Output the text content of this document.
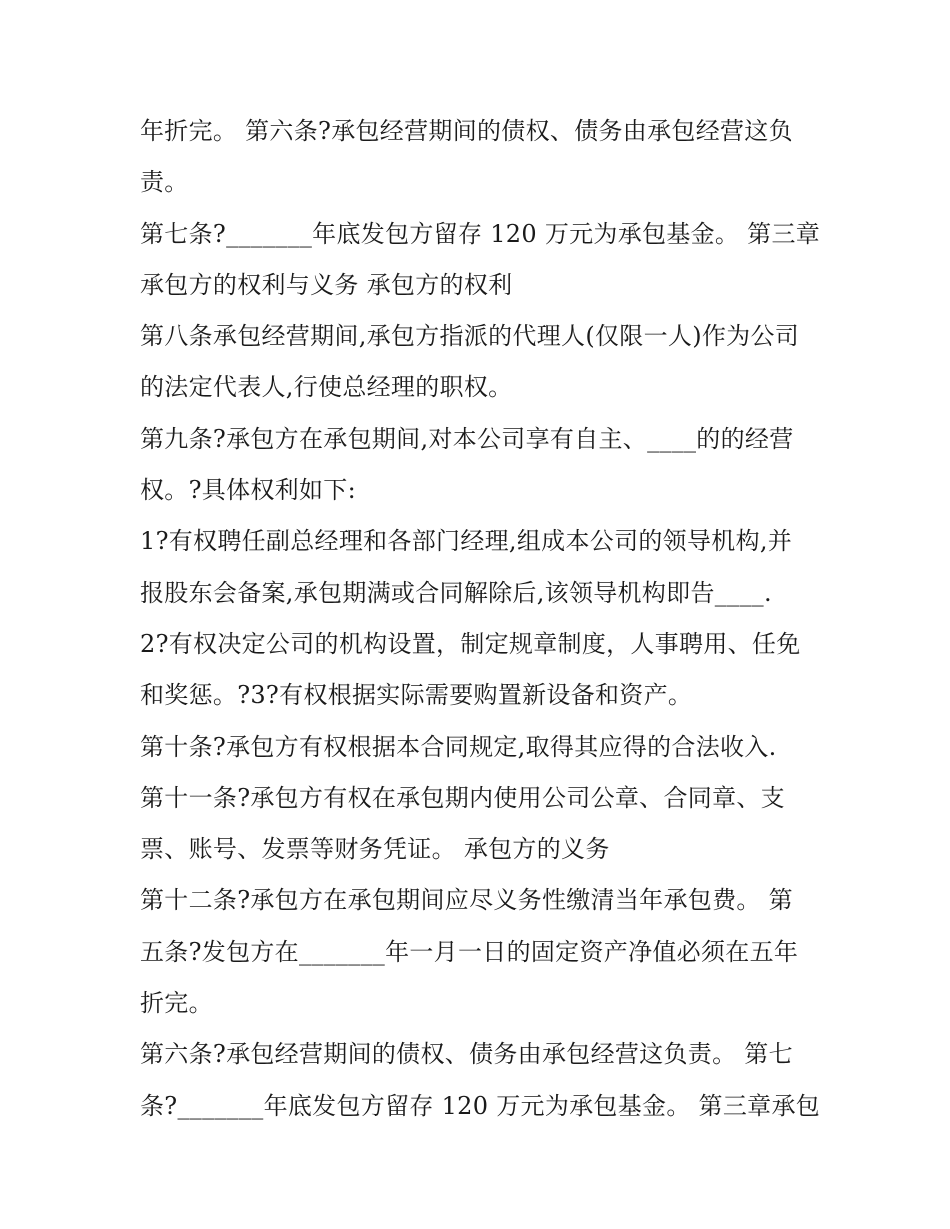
年折完。 第六条?承包经营期间的债权、债务由承包经营这负
责。
第七条?_______年底发包方留存 120 万元为承包基金。 第三章
承包方的权利与义务 承包方的权利
第八条承包经营期间,承包方指派的代理人(仅限一人)作为公司
的法定代表人,行使总经理的职权。
第九条?承包方在承包期间,对本公司享有自主、____的的经营
权。?具体权利如下:
1?有权聘任副总经理和各部门经理,组成本公司的领导机构,并
报股东会备案,承包期满或合同解除后,该领导机构即告____.
2?有权决定公司的机构设置，制定规章制度，人事聘用、任免
和奖惩。?3?有权根据实际需要购置新设备和资产。
第十条?承包方有权根据本合同规定,取得其应得的合法收入.
第十一条?承包方有权在承包期内使用公司公章、合同章、支
票、账号、发票等财务凭证。 承包方的义务
第十二条?承包方在承包期间应尽义务性缴清当年承包费。 第
五条?发包方在_______年一月一日的固定资产净值必须在五年
折完。
第六条?承包经营期间的债权、债务由承包经营这负责。 第七
条?_______年底发包方留存 120 万元为承包基金。 第三章承包
